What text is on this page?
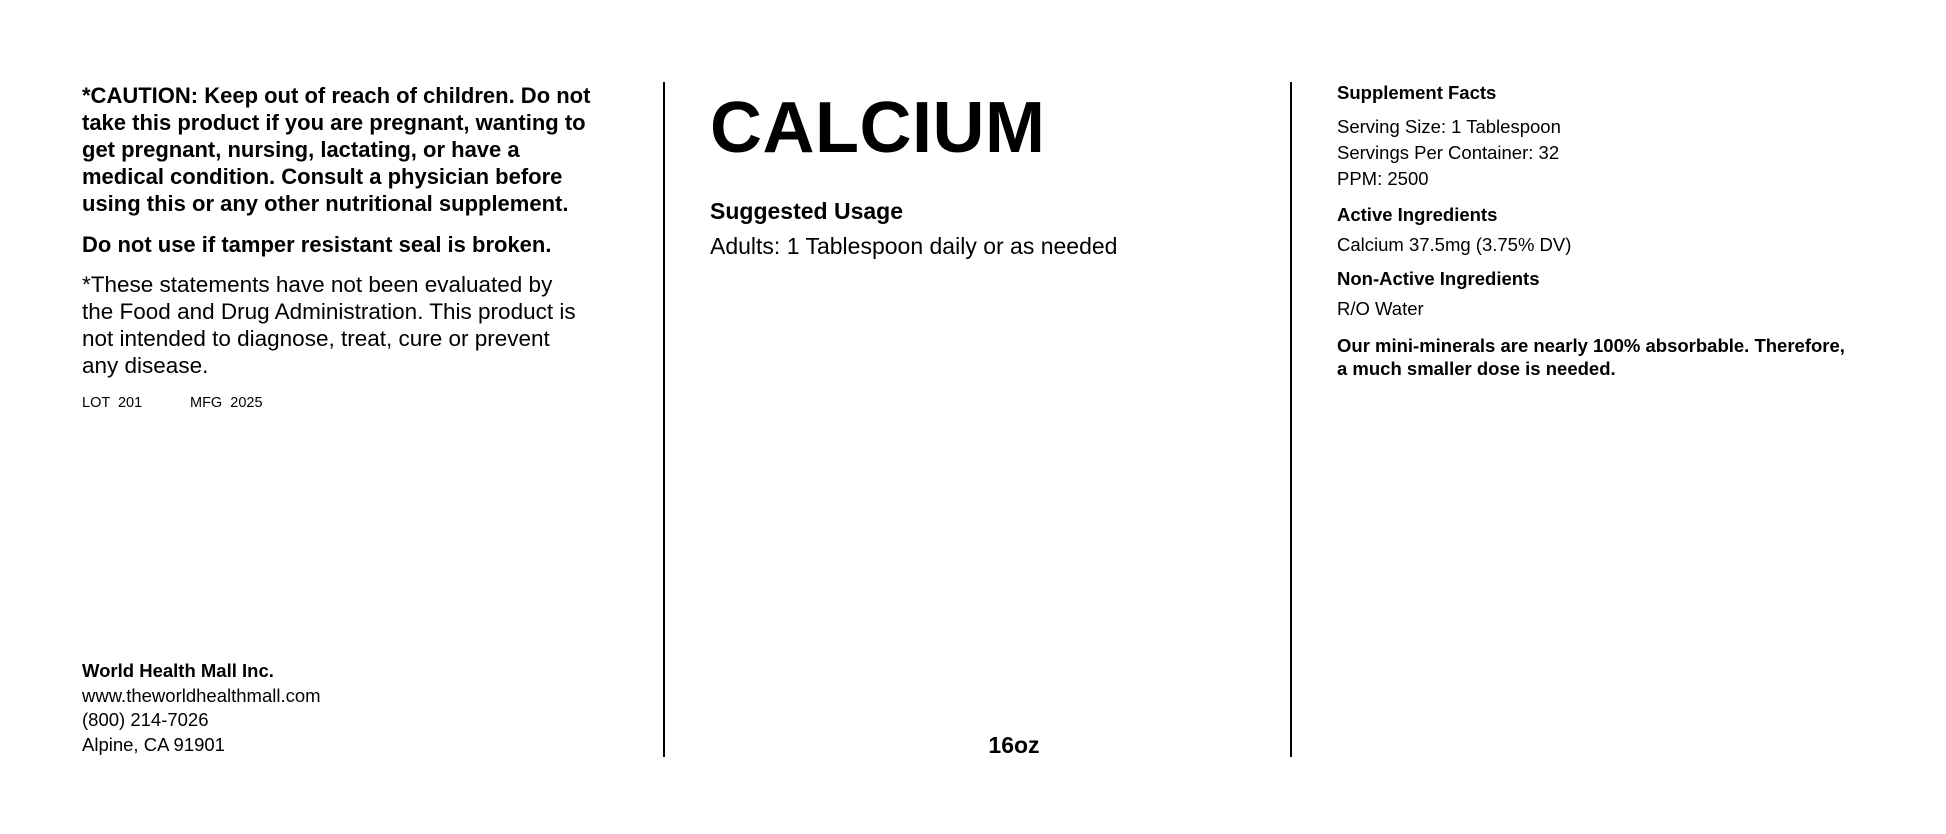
*CAUTION: Keep out of reach of children. Do not
take this product if you are pregnant, wanting to
get pregnant, nursing, lactating, or have a
medical condition. Consult a physician before
using this or any other nutritional supplement.

Do not use if tamper resistant seal is broken.

*These statements have not been evaluated by
the Food and Drug Administration. This product is
not intended to diagnose, treat, cure or prevent
any disease.

LOT  201	MFG  2025
World Health Mall Inc.
www.theworldhealthmall.com
(800) 214-7026
Alpine, CA 91901
CALCIUM
Suggested Usage
Adults: 1 Tablespoon daily or as needed
16oz
Supplement Facts
Serving Size: 1 Tablespoon
Servings Per Container: 32
PPM: 2500
Active Ingredients
Calcium 37.5mg (3.75% DV)
Non-Active Ingredients
R/O Water
Our mini-minerals are nearly 100% absorbable. Therefore,
a much smaller dose is needed.
